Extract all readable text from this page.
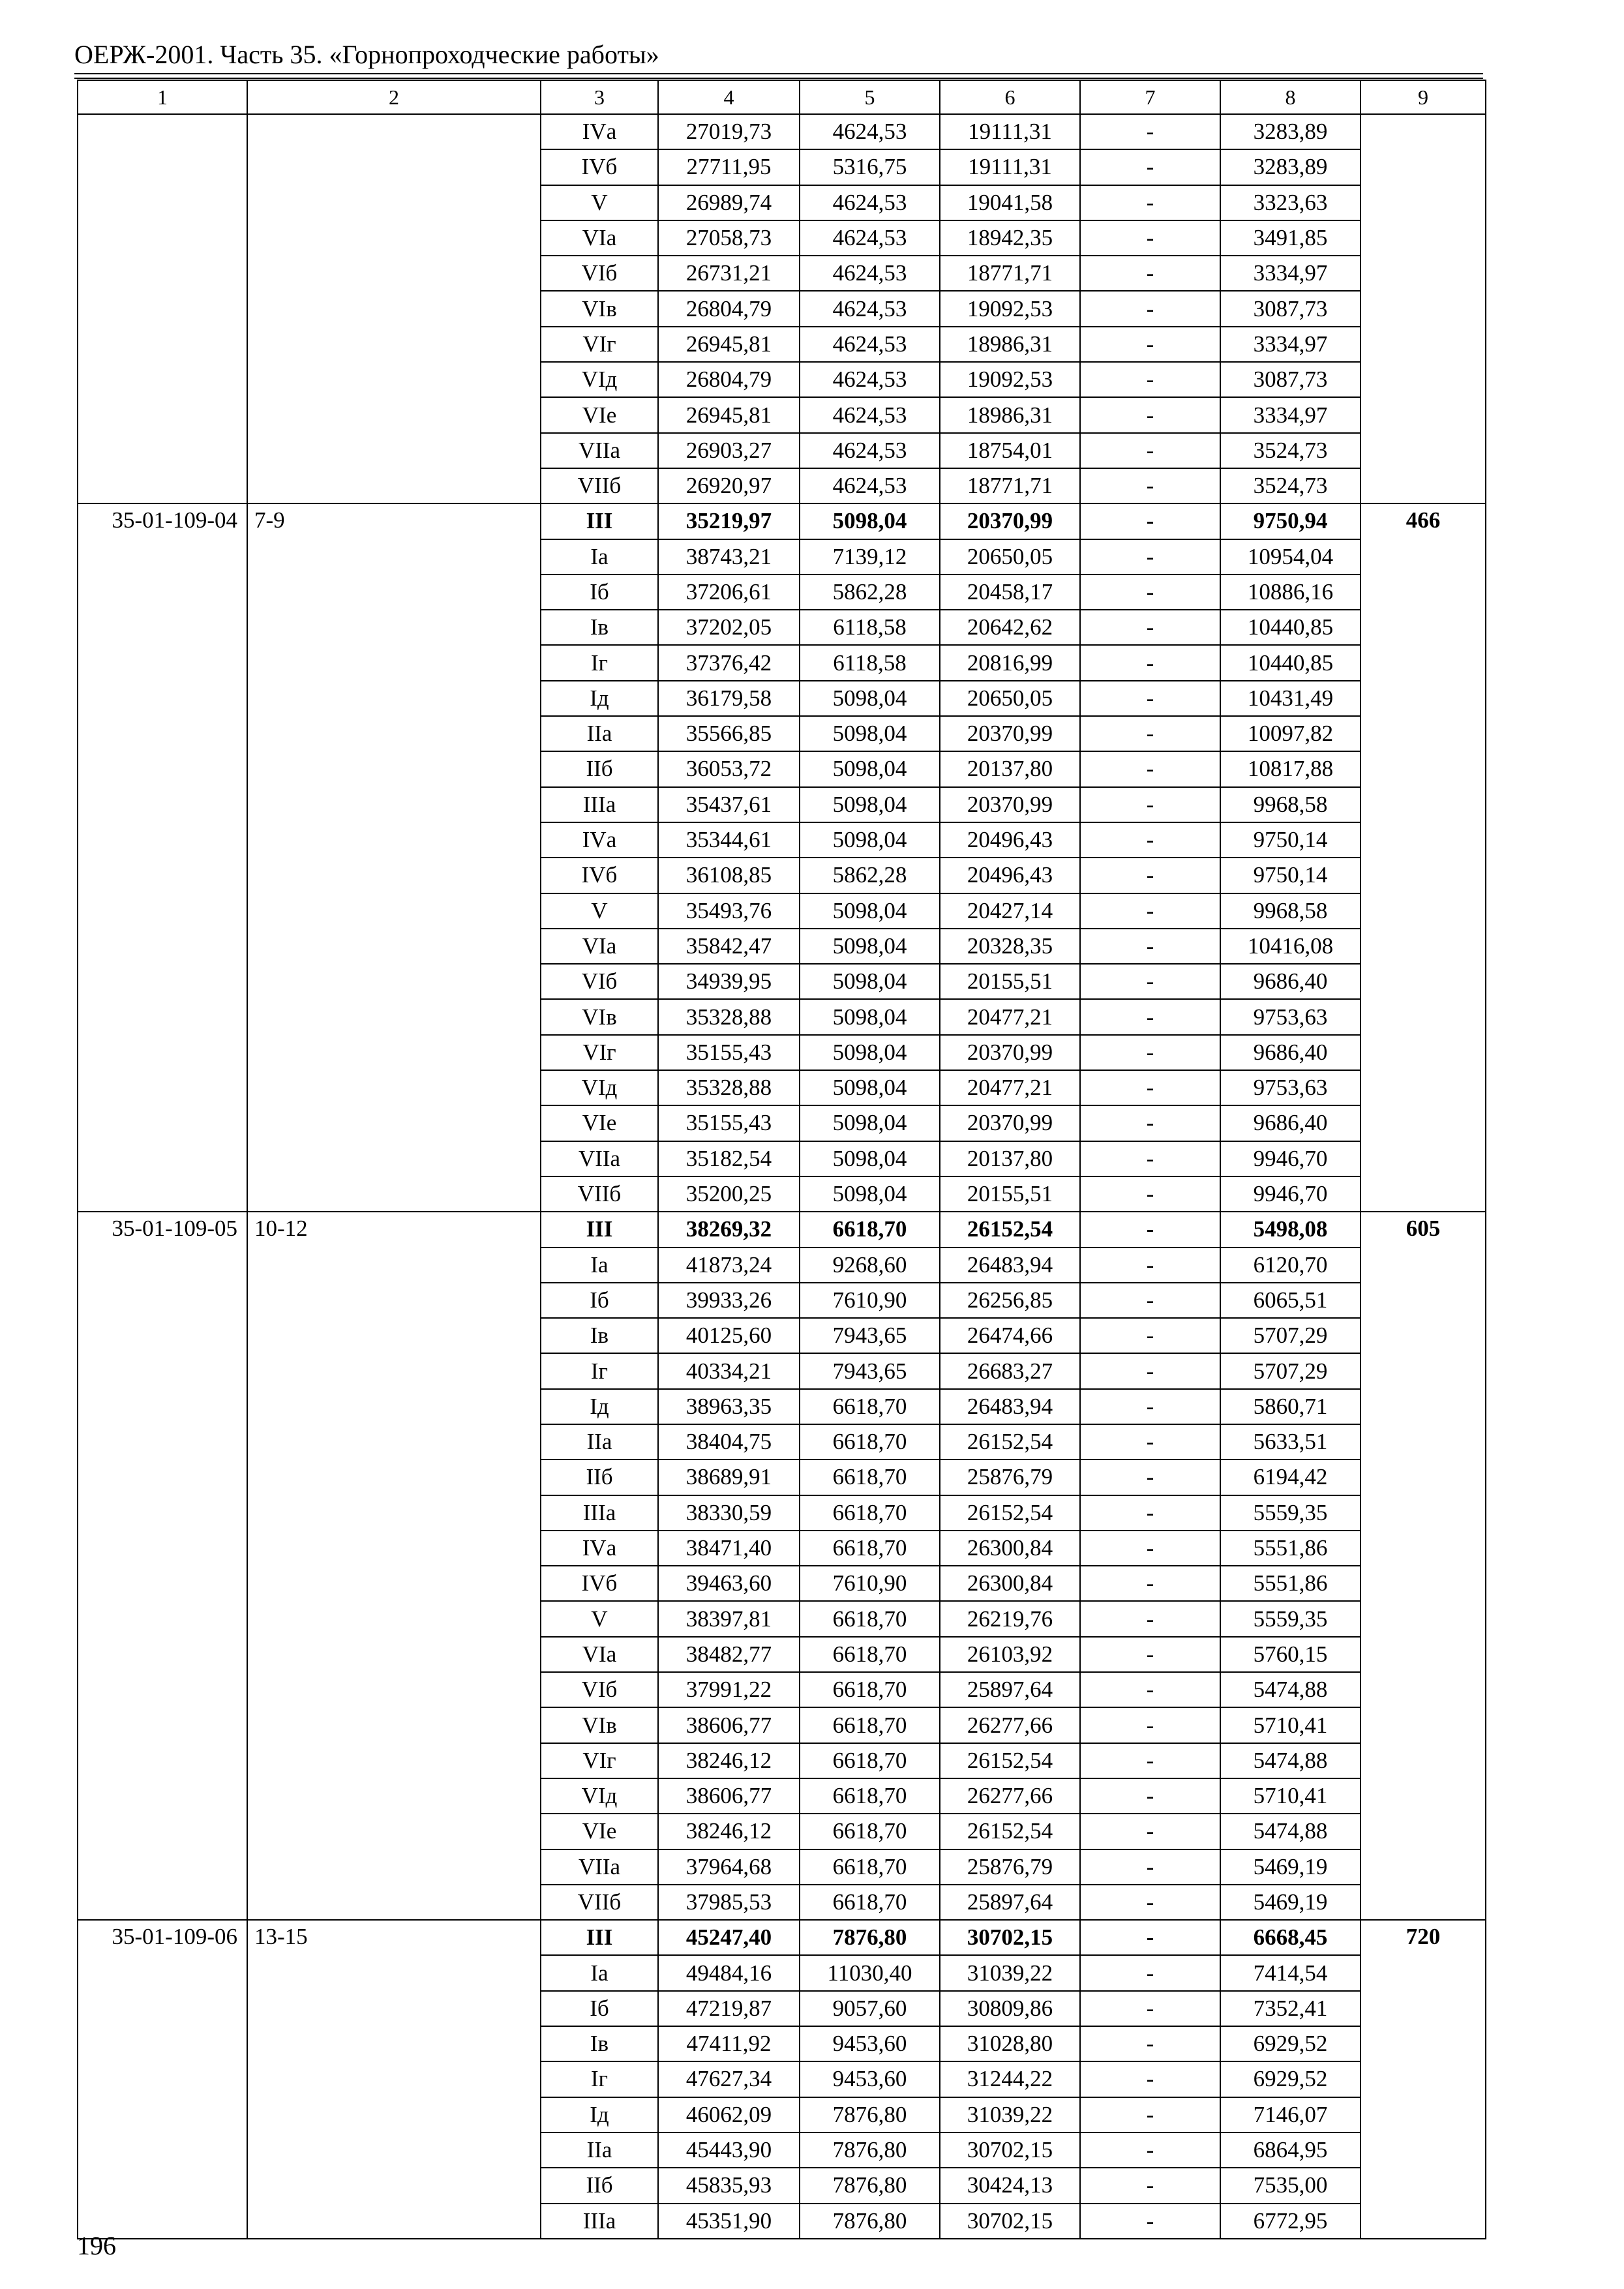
ОЕРЖ-2001. Часть 35. «Горнопроходческие работы»
1	2	3	4	5	6	7	8	9
		IVа	27019,73	4624,53	19111,31	-	3283,89	
		IVб	27711,95	5316,75	19111,31	-	3283,89	
		V	26989,74	4624,53	19041,58	-	3323,63	
		VIа	27058,73	4624,53	18942,35	-	3491,85	
		VIб	26731,21	4624,53	18771,71	-	3334,97	
		VIв	26804,79	4624,53	19092,53	-	3087,73	
		VIг	26945,81	4624,53	18986,31	-	3334,97	
		VIд	26804,79	4624,53	19092,53	-	3087,73	
		VIе	26945,81	4624,53	18986,31	-	3334,97	
		VIIа	26903,27	4624,53	18754,01	-	3524,73	
		VIIб	26920,97	4624,53	18771,71	-	3524,73	
35-01-109-04	7-9	III	35219,97	5098,04	20370,99	-	9750,94	466
		Iа	38743,21	7139,12	20650,05	-	10954,04	
		Iб	37206,61	5862,28	20458,17	-	10886,16	
		Iв	37202,05	6118,58	20642,62	-	10440,85	
		Iг	37376,42	6118,58	20816,99	-	10440,85	
		Iд	36179,58	5098,04	20650,05	-	10431,49	
		IIа	35566,85	5098,04	20370,99	-	10097,82	
		IIб	36053,72	5098,04	20137,80	-	10817,88	
		IIIа	35437,61	5098,04	20370,99	-	9968,58	
		IVа	35344,61	5098,04	20496,43	-	9750,14	
		IVб	36108,85	5862,28	20496,43	-	9750,14	
		V	35493,76	5098,04	20427,14	-	9968,58	
		VIа	35842,47	5098,04	20328,35	-	10416,08	
		VIб	34939,95	5098,04	20155,51	-	9686,40	
		VIв	35328,88	5098,04	20477,21	-	9753,63	
		VIг	35155,43	5098,04	20370,99	-	9686,40	
		VIд	35328,88	5098,04	20477,21	-	9753,63	
		VIе	35155,43	5098,04	20370,99	-	9686,40	
		VIIа	35182,54	5098,04	20137,80	-	9946,70	
		VIIб	35200,25	5098,04	20155,51	-	9946,70	
35-01-109-05	10-12	III	38269,32	6618,70	26152,54	-	5498,08	605
		Iа	41873,24	9268,60	26483,94	-	6120,70	
		Iб	39933,26	7610,90	26256,85	-	6065,51	
		Iв	40125,60	7943,65	26474,66	-	5707,29	
		Iг	40334,21	7943,65	26683,27	-	5707,29	
		Iд	38963,35	6618,70	26483,94	-	5860,71	
		IIа	38404,75	6618,70	26152,54	-	5633,51	
		IIб	38689,91	6618,70	25876,79	-	6194,42	
		IIIа	38330,59	6618,70	26152,54	-	5559,35	
		IVа	38471,40	6618,70	26300,84	-	5551,86	
		IVб	39463,60	7610,90	26300,84	-	5551,86	
		V	38397,81	6618,70	26219,76	-	5559,35	
		VIа	38482,77	6618,70	26103,92	-	5760,15	
		VIб	37991,22	6618,70	25897,64	-	5474,88	
		VIв	38606,77	6618,70	26277,66	-	5710,41	
		VIг	38246,12	6618,70	26152,54	-	5474,88	
		VIд	38606,77	6618,70	26277,66	-	5710,41	
		VIе	38246,12	6618,70	26152,54	-	5474,88	
		VIIа	37964,68	6618,70	25876,79	-	5469,19	
		VIIб	37985,53	6618,70	25897,64	-	5469,19	
35-01-109-06	13-15	III	45247,40	7876,80	30702,15	-	6668,45	720
		Iа	49484,16	11030,40	31039,22	-	7414,54	
		Iб	47219,87	9057,60	30809,86	-	7352,41	
		Iв	47411,92	9453,60	31028,80	-	6929,52	
		Iг	47627,34	9453,60	31244,22	-	6929,52	
		Iд	46062,09	7876,80	31039,22	-	7146,07	
		IIа	45443,90	7876,80	30702,15	-	6864,95	
		IIб	45835,93	7876,80	30424,13	-	7535,00	
		IIIа	45351,90	7876,80	30702,15	-	6772,95	
196
